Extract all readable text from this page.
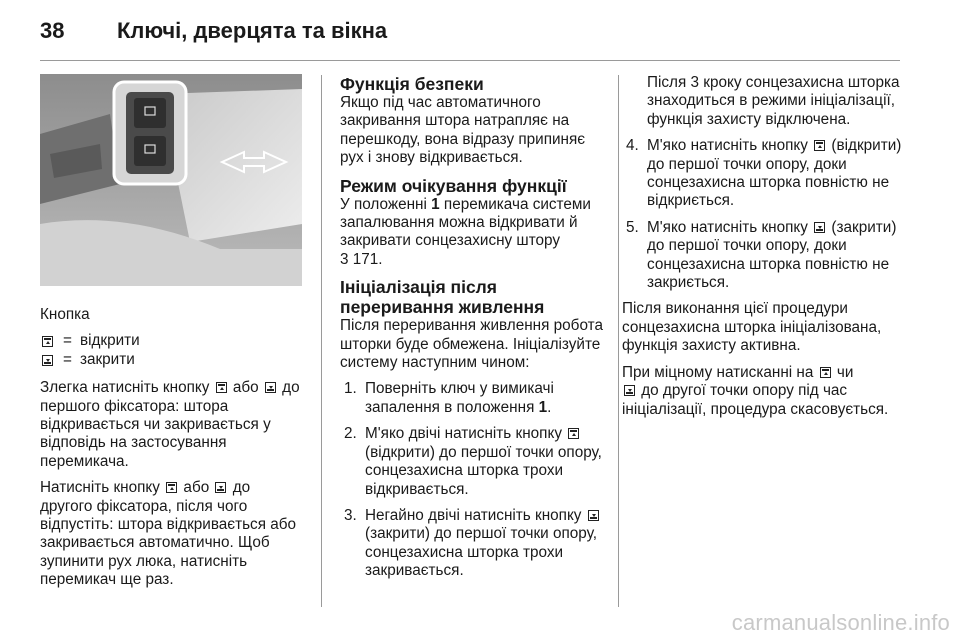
38 Ключі, дверцята та вікна

Кнопка

= відкрити
= закрити

Злегка натисніть кнопку  або  до першого фіксатора: штора відкривається чи закривається у відповідь на застосування перемикача.

Натисніть кнопку  або  до другого фіксатора, після чого відпустіть: штора відкривається або закривається автоматично. Щоб зупинити рух люка, натисніть перемикач ще раз.

Функція безпеки

Якщо під час автоматичного закривання штора натрапляє на перешкоду, вона відразу припиняє рух і знову відкривається.

Режим очікування функції

У положенні 1 перемикача системи запалювання можна відкривати й закривати сонцезахисну штору
3 171.

Ініціалізація після переривання живлення

Після переривання живлення робота шторки буде обмежена. Ініціалізуйте систему наступним чином:

1. Поверніть ключ у вимикачі запалення в положення 1.
2. М'яко двічі натисніть кнопку  (відкрити) до першої точки опору, сонцезахисна шторка трохи відкривається.
3. Негайно двічі натисніть кнопку  (закрити) до першої точки опору, сонцезахисна шторка трохи закривається.

Після 3 кроку сонцезахисна шторка знаходиться в режими ініціалізації, функція захисту відключена.

4. М'яко натисніть кнопку  (відкрити) до першої точки опору, доки сонцезахисна шторка повністю не відкриється.
5. М'яко натисніть кнопку  (закрити) до першої точки опору, доки сонцезахисна шторка повністю не закриється.

Після виконання цієї процедури сонцезахисна шторка ініціалізована, функція захисту активна.

При міцному натисканні на  чи
до другої точки опору під час ініціалізації, процедура скасовується.

carmanualsonline.info
